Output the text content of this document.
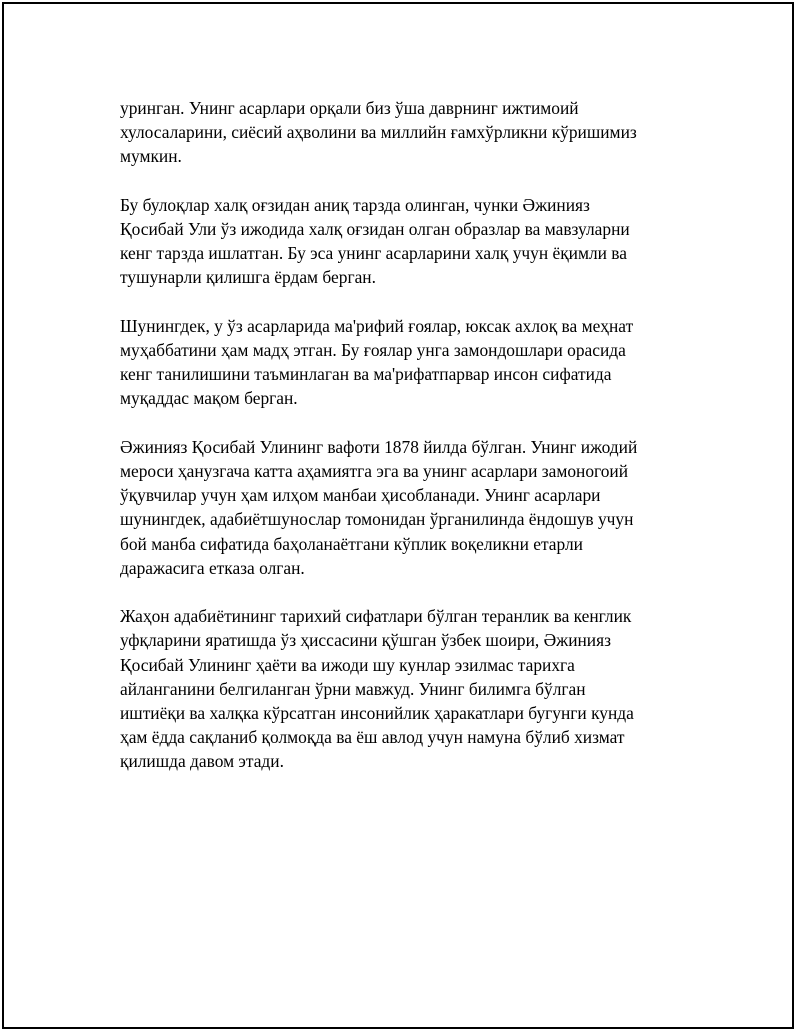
уринган. Унинг асарлари орқали биз ўша даврнинг ижтимоий
хулосаларини, сиёсий аҳволини ва миллийн ғамхўрликни кўришимиз
мумкин.

Бу булоқлар халқ оғзидан аниқ тарзда олинган, чунки Әжинияз
Қосибай Ули ўз ижодида халқ оғзидан олган образлар ва мавзуларни
кенг тарзда ишлатган. Бу эса унинг асарларини халқ учун ёқимли ва
тушунарли қилишга ёрдам берган.

Шунингдек, у ўз асарларида ма'рифий ғоялар, юксак ахлоқ ва меҳнат
муҳаббатини ҳам мадҳ этган. Бу ғоялар унга замондошлари орасида
кенг танилишини таъминлаган ва ма'рифатпарвар инсон сифатида
муқаддас мақом берган.

Әжинияз Қосибай Улининг вафоти 1878 йилда бўлган. Унинг ижодий
мероси ҳанузгача катта аҳамиятга эга ва унинг асарлари замоногоий
ўқувчилар учун ҳам илҳом манбаи ҳисобланади. Унинг асарлари
шунингдек, адабиётшунослар томонидан ўрганилинда ёндошув учун
бой манба сифатида баҳоланаётгани кўплик воқеликни етарли
даражасига етказа олган.

Жаҳон адабиётининг тарихий сифатлари бўлган теранлик ва кенглик
уфқларини яратишда ўз ҳиссасини қўшган ўзбек шоири, Әжинияз
Қосибай Улининг ҳаёти ва ижоди шу кунлар эзилмас тарихга
айланганини белгиланган ўрни мавжуд. Унинг билимга бўлган
иштиёқи ва халқка кўрсатган инсонийлик ҳаракатлари бугунги кунда
ҳам ёдда сақланиб қолмоқда ва ёш авлод учун намуна бўлиб хизмат
қилишда давом этади.
